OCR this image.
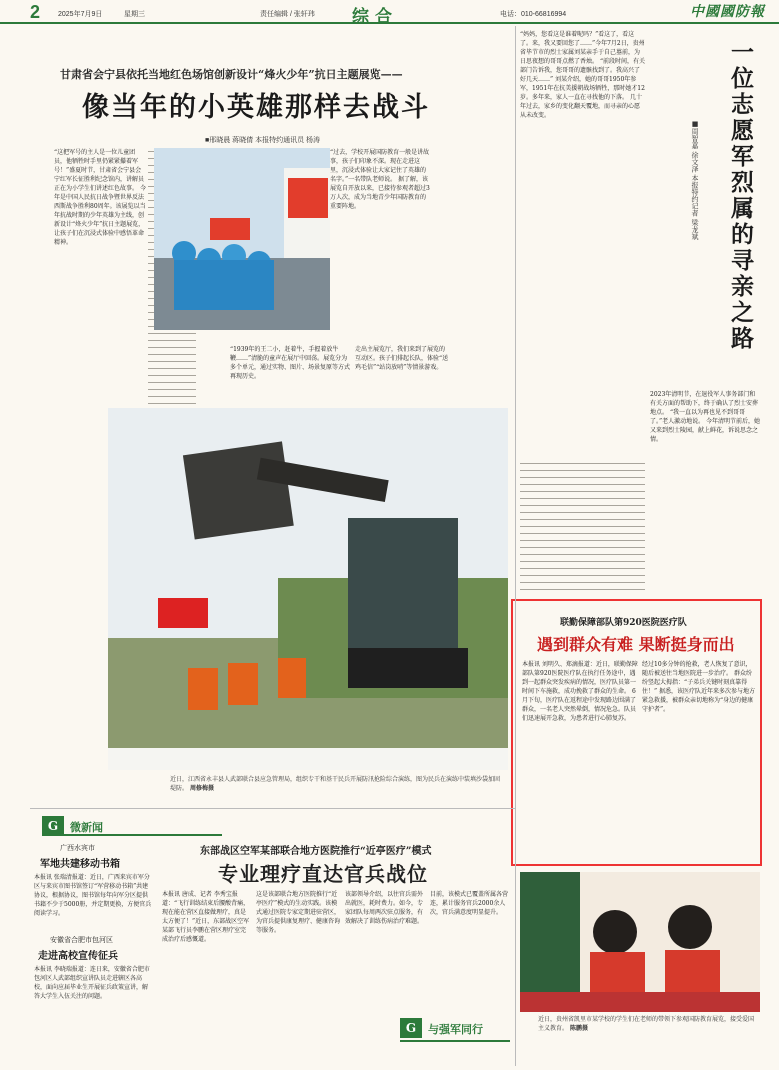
2	2025年7月9日	星期三	责任编辑 / 张轩玮 综合	电话：010-66816994	中國國防報
甘肃省会宁县依托当地红色场馆创新设计“烽火少年”抗日主题展览——
像当年的小英雄那样去战斗
■邢晓晨 蒋晓倩 本报特约通讯员 杨涛
“这把军号的主人是一位儿童团员，他牺牲时手里仍紧紧攥着军号！”盛夏时节，甘肃省会宁县会宁红军长征胜利纪念馆内，讲解员正在为小学生们讲述红色故事。 今年是中国人民抗日战争暨世界反法西斯战争胜利80周年。该展览以当年抗战时期的少年英雄为主线，创新设计“烽火少年”抗日主题展览，让孩子们在沉浸式体验中感悟革命精神。
“1939年的王二小，赶着牛，手握着放牛鞭……”清脆的童声在展厅中回荡。展览分为多个单元，通过实物、图片、场景复原等方式再现历史。
走出主展览厅，我们来到了展览的互动区。孩子们排起长队，体验“送鸡毛信”“站岗放哨”等情景游戏。
“过去，学校开展国防教育一般是讲故事，孩子们印象不深。现在走进这里，沉浸式体验让大家记住了英雄的名字。”一名带队老师说。 据了解，该展览自开放以来，已接待参观者超过3万人次，成为当地青少年国防教育的重要阵地。
近日，江西省永丰县人武部联合县应急管理局，组织专干和基干民兵开展防汛抢险综合演练，图为民兵在演练中装填沙袋加固堤防。 周修梅摄
G	微新闻
广西水宾市
军地共建移动书箱
本报讯 张瑞清报道：近日，广西来宾市军分区与来宾市图书馆签订“军营移动书箱”共建协议，根据协议，图书馆每年向军分区提供书籍不少于5000册，并定期更换，方便官兵阅读学习。
安徽省合肥市包河区
走进高校宣传征兵
本报讯 李晓瑞报道：连日来，安徽省合肥市包河区人武部组织宣讲队员走进辖区各高校，面向应届毕业生开展征兵政策宣讲，解答大学生入伍关注的问题。
东部战区空军某部联合地方医院推行“近亭医疗”模式
专业理疗直达官兵战位
本报讯 唐成、记者 李秀宝报道：“飞行训练结束后腰酸背痛，现在能在营区直接做理疗，真是太方便了！”近日，东部战区空军某部飞行员李鹏在营区理疗室完成治疗后感慨道。
这是该部联合地方医院推行“近亭医疗”模式的生动实践。该模式通过医院专家定期进驻营区，为官兵提供康复理疗、健康咨询等服务。
该部领导介绍，以往官兵需外出就医，耗时费力。如今，专家团队每周两次驻点服务，有效解决了训练伤病治疗难题。
目前，该模式已覆盖所属各营连，累计服务官兵2000余人次，官兵满意度明显提升。
G	与强军同行
“妈妈，您看这是谁着呢吗？”看这了，看这了。来，我又要回您了……”今年7月2日，贵州省毕节市的烈士家属刘某亲手于自己墓前，为日思夜想的哥哥点燃了香烛。 “前段时间，有关部门告诉我，您哥哥的遗骸找到了。我高兴了好几天……” 刘某介绍，她的哥哥1950年参军，1951年在抗美援朝战场牺牲，那时她才12岁。多年来，家人一直在寻找他的下落。 几十年过去，家乡的变化翻天覆地，而寻亲的心愿从未改变。
2023年清明节，在退役军人事务部门和有关方面的帮助下，终于确认了烈士安葬地点。 “我一直以为再也见不到哥哥了。”老人激动地说。 今年清明节前后，她又来到烈士陵园，献上鲜花，诉说思念之情。
一位志愿军烈属的寻亲之路
■周智嘉 徐文泽 本报特约记者 梁龙斌
联勤保障部队第920医院医疗队
遇到群众有难 果断挺身而出
本报讯 刘明久、郑滴报道：近日，联勤保障部队第920医院医疗队在执行任务途中，遇到一起群众突发疾病的情况，医疗队员第一时间下车施救，成功挽救了群众的生命。 6月下旬，医疗队在返程途中发现路边围满了群众，一名老人突然晕倒，情况危急。队员们迅速展开急救，为患者进行心肺复苏。
经过10多分钟的抢救，老人恢复了意识，随后被送往当地医院进一步治疗。 群众纷纷竖起大拇指：“子弟兵关键时刻真靠得住！” 据悉，该医疗队近年来多次参与地方紧急救援，被群众亲切地称为“身边的健康守护者”。
近日，贵州省凯里市某学校的学生们在老师的带领下参观国防教育展览，接受爱国主义教育。 陈鹏摄
